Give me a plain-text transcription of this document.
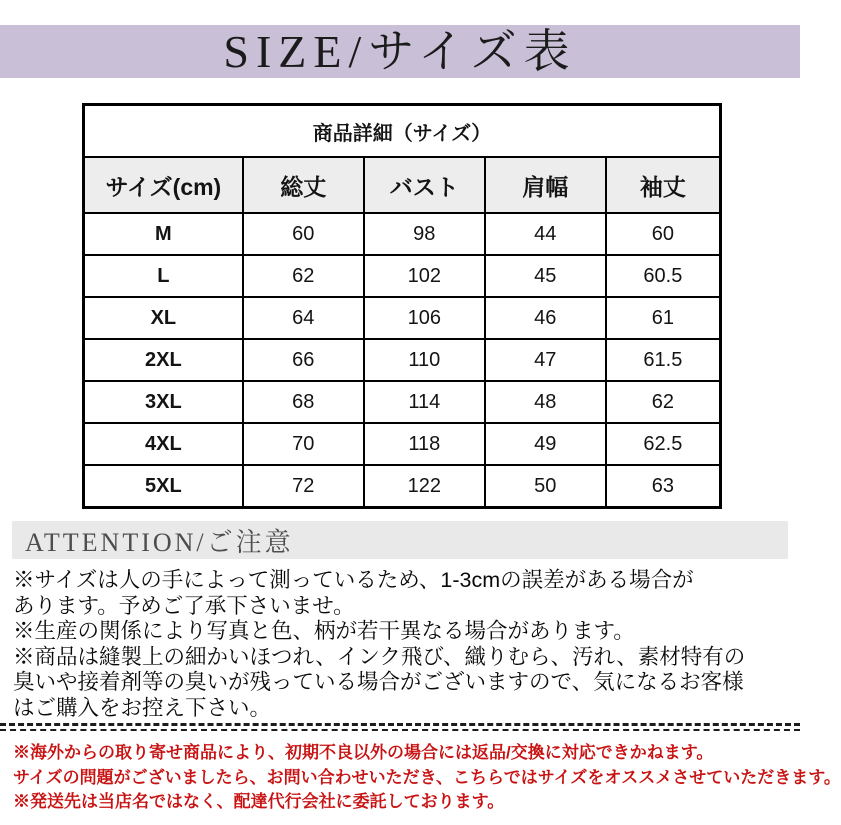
SIZE/サイズ表
商品詳細（サイズ）				
サイズ(cm)	総丈	バスト	肩幅	袖丈
M	60	98	44	60
L	62	102	45	60.5
XL	64	106	46	61
2XL	66	110	47	61.5
3XL	68	114	48	62
4XL	70	118	49	62.5
5XL	72	122	50	63
ATTENTION/ご注意
※サイズは人の手によって測っているため、1-3cmの誤差がある場合が
あります。予めご了承下さいませ。
※生産の関係により写真と色、柄が若干異なる場合があります。
※商品は縫製上の細かいほつれ、インク飛び、織りむら、汚れ、素材特有の
臭いや接着剤等の臭いが残っている場合がございますので、気になるお客様
はご購入をお控え下さい。
※海外からの取り寄せ商品により、初期不良以外の場合には返品/交換に対応できかねます。
サイズの問題がございましたら、お問い合わせいただき、こちらではサイズをオススメさせていただきます。
※発送先は当店名ではなく、配達代行会社に委託しております。
